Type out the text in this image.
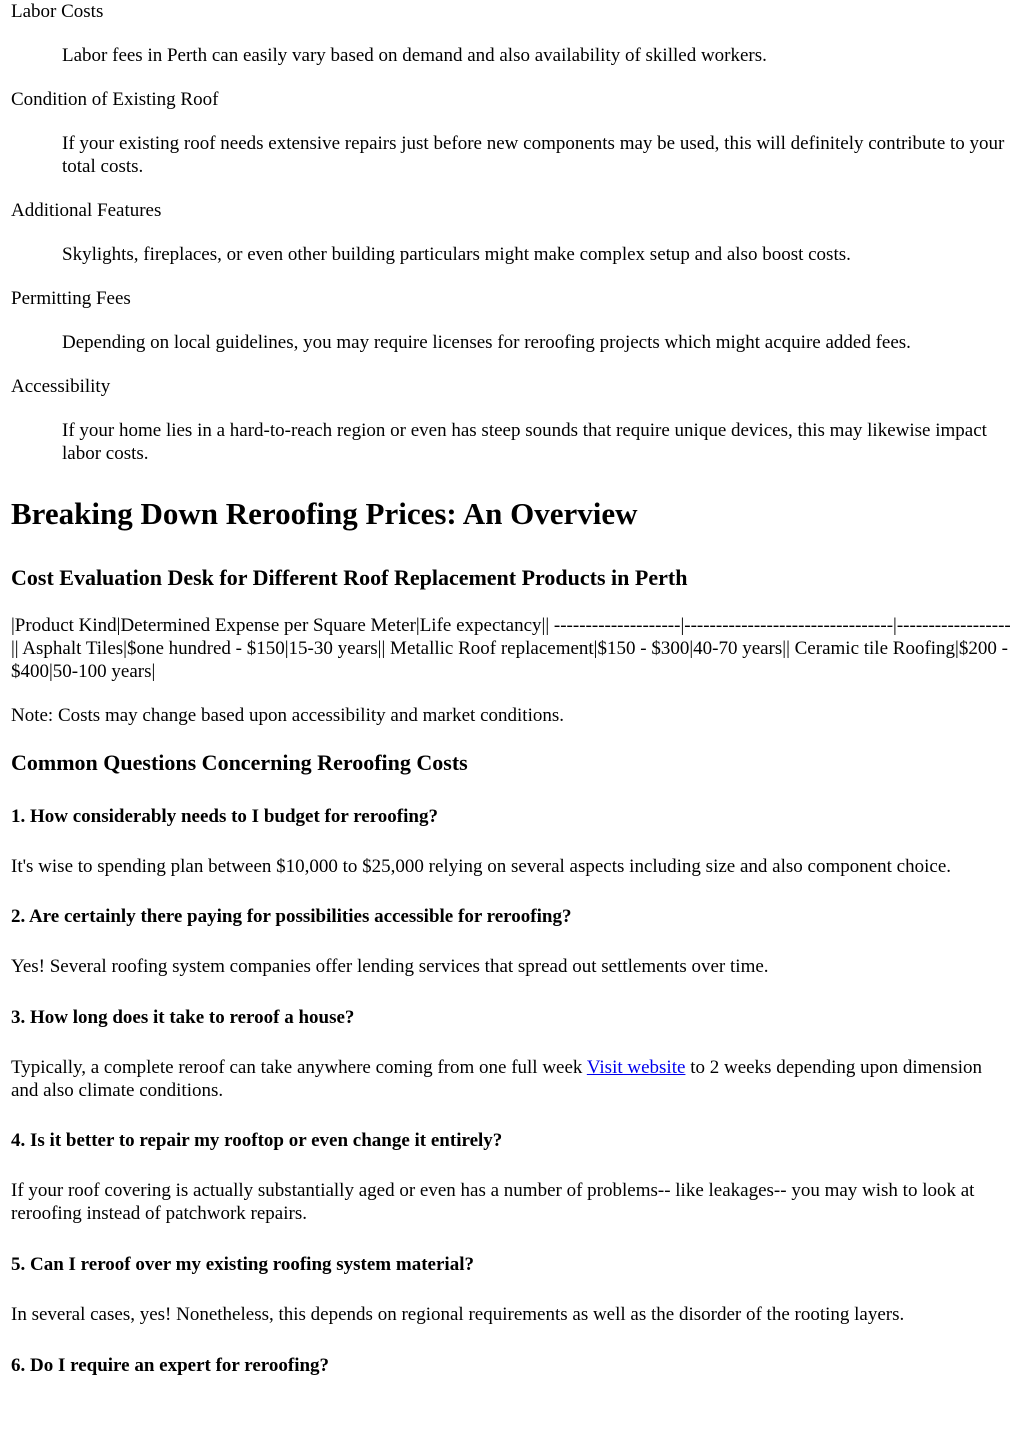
Labor Costs
Labor fees in Perth can easily vary based on demand and also availability of skilled workers.
Condition of Existing Roof
If your existing roof needs extensive repairs just before new components may be used, this will definitely contribute to your total costs.
Additional Features
Skylights, fireplaces, or even other building particulars might make complex setup and also boost costs.
Permitting Fees
Depending on local guidelines, you may require licenses for reroofing projects which might acquire added fees.
Accessibility
If your home lies in a hard-to-reach region or even has steep sounds that require unique devices, this may likewise impact labor costs.
Breaking Down Reroofing Prices: An Overview
Cost Evaluation Desk for Different Roof Replacement Products in Perth

|Product Kind|Determined Expense per Square Meter|Life expectancy|| --------------------|---------------------------------|------------------|| Asphalt Tiles|$one hundred - $150|15-30 years|| Metallic Roof replacement|$150 - $300|40-70 years|| Ceramic tile Roofing|$200 - $400|50-100 years|

Note: Costs may change based upon accessibility and market conditions.

Common Questions Concerning Reroofing Costs
1. How considerably needs to I budget for reroofing?

It's wise to spending plan between $10,000 to $25,000 relying on several aspects including size and also component choice.

2. Are certainly there paying for possibilities accessible for reroofing?

Yes! Several roofing system companies offer lending services that spread out settlements over time.

3. How long does it take to reroof a house?

Typically, a complete reroof can take anywhere coming from one full week Visit website to 2 weeks depending upon dimension and also climate conditions.

4. Is it better to repair my rooftop or even change it entirely?

If your roof covering is actually substantially aged or even has a number of problems-- like leakages-- you may wish to look at reroofing instead of patchwork repairs.

5. Can I reroof over my existing roofing system material?

In several cases, yes! Nonetheless, this depends on regional requirements as well as the disorder of the rooting layers.

6. Do I require an expert for reroofing?
